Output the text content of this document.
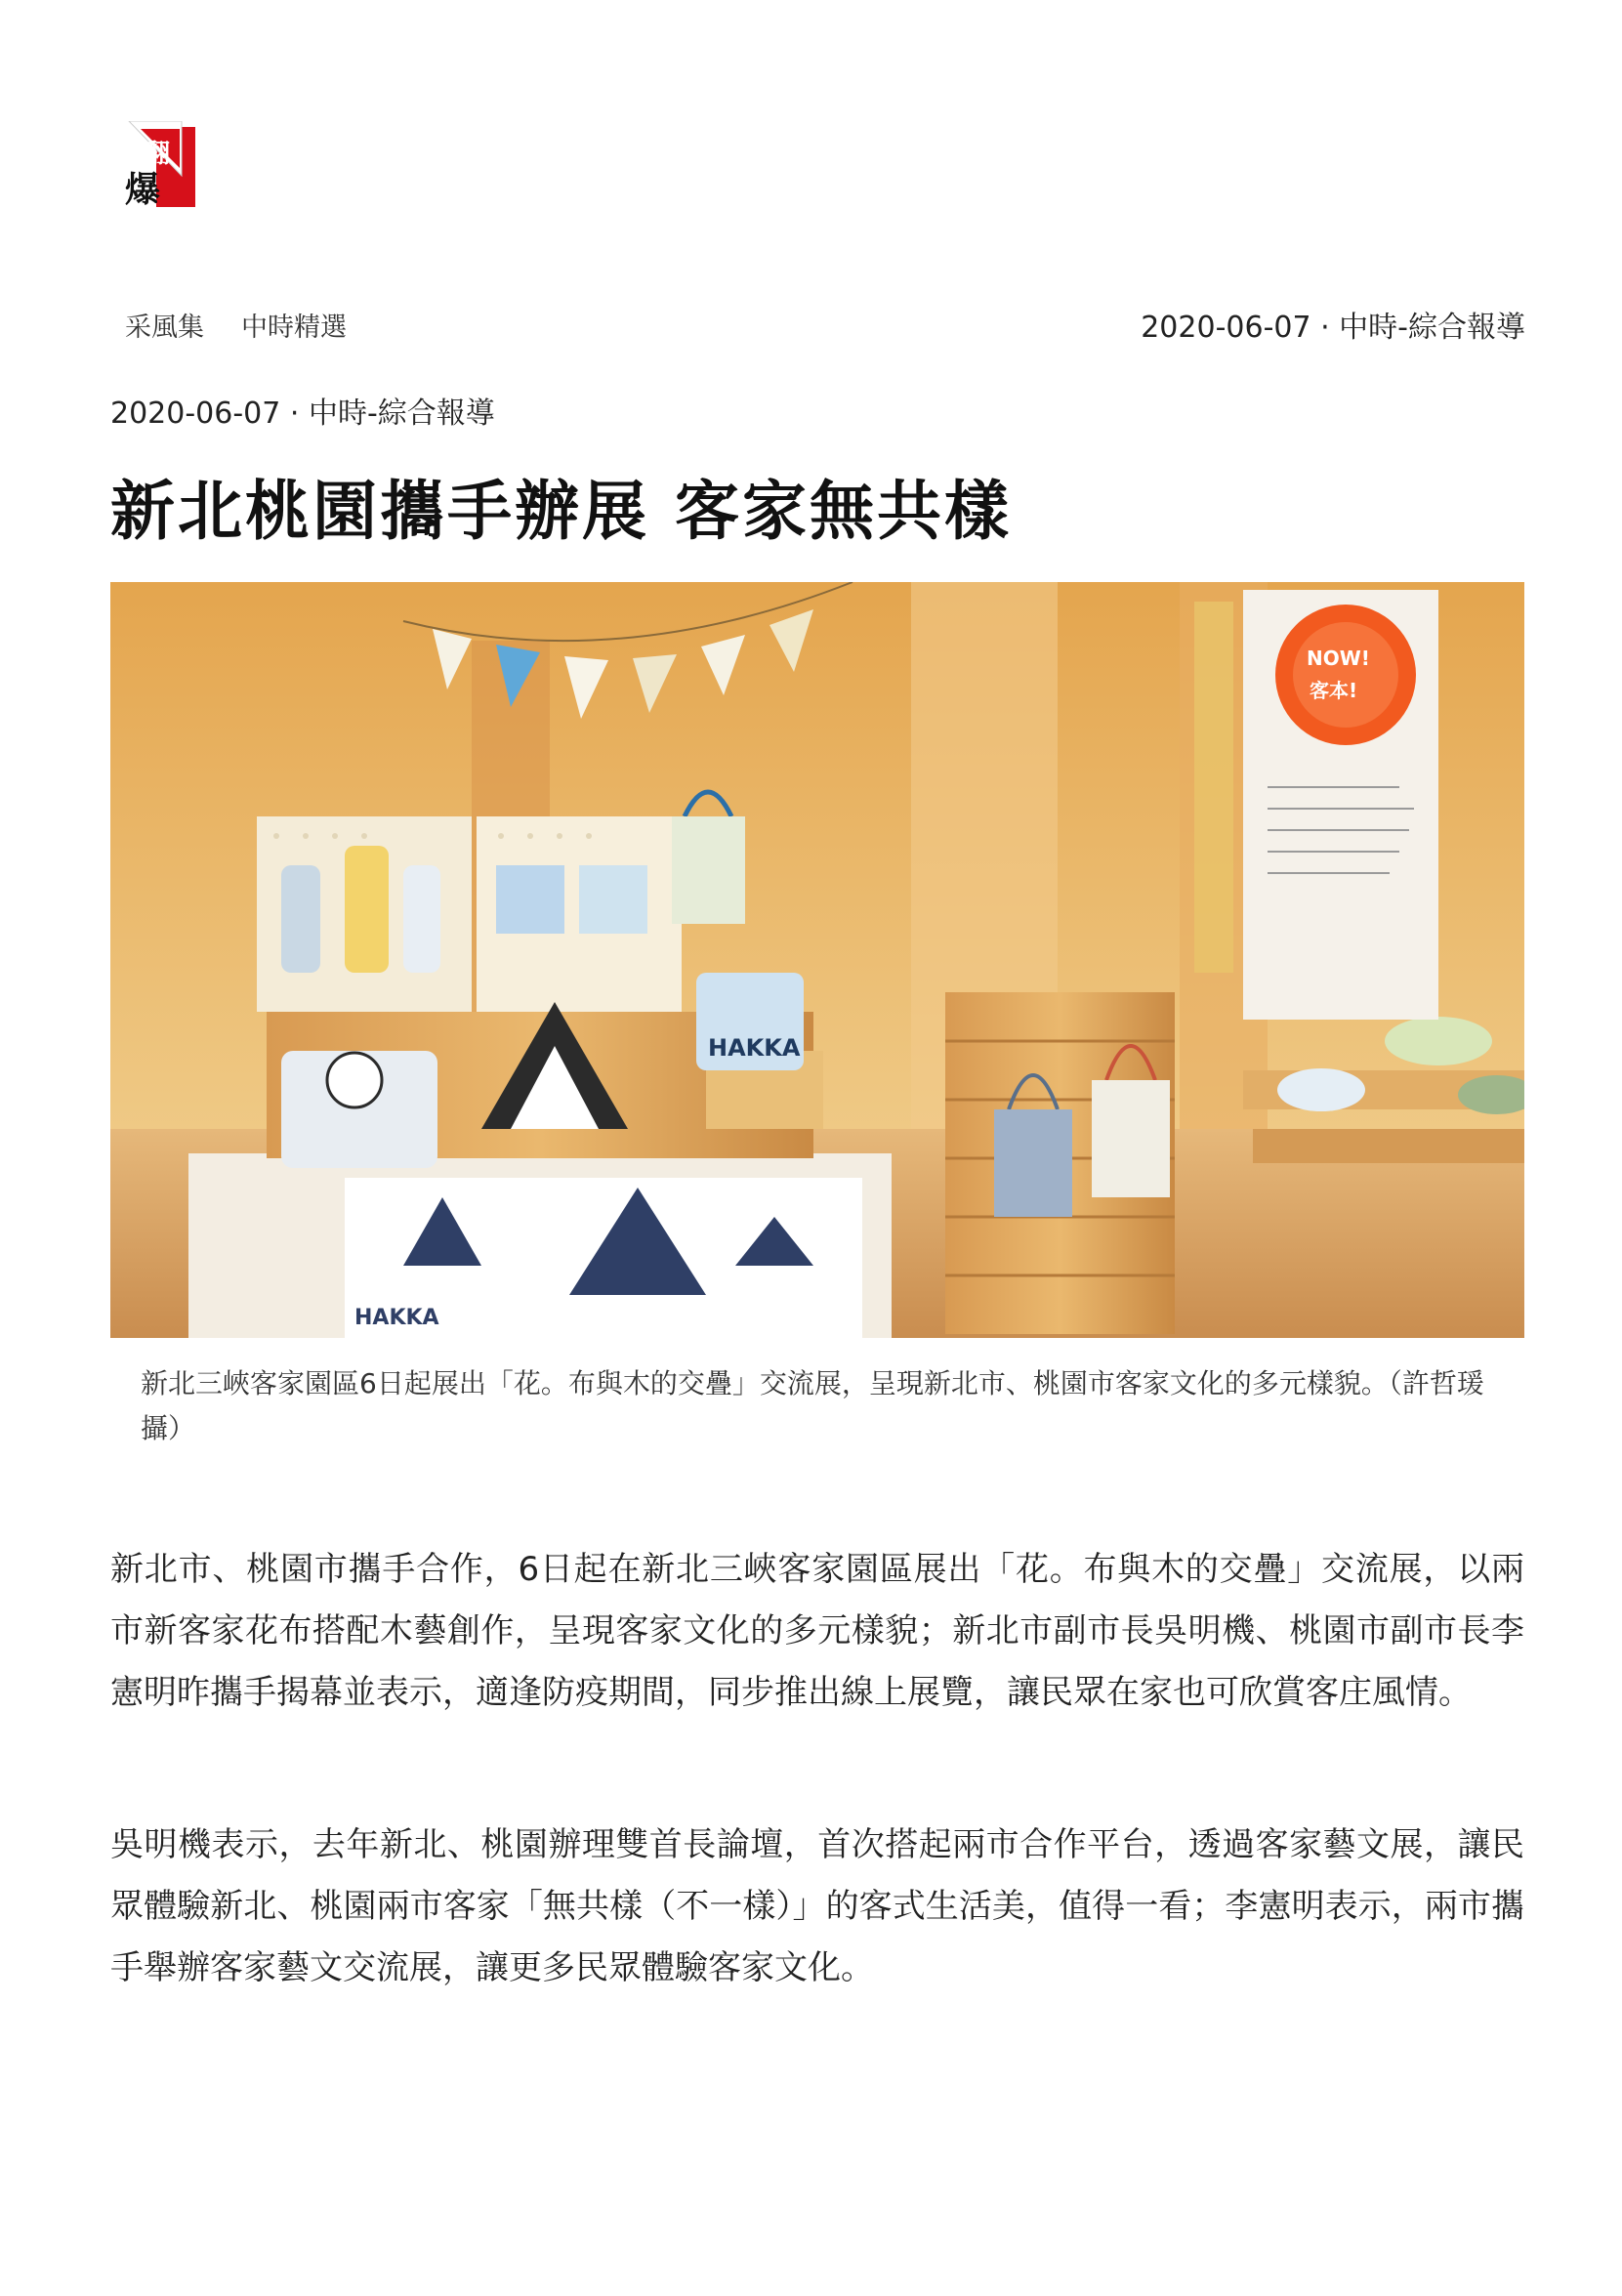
翻
爆
采風集 中時精選	2020-06-07 · 中時-綜合報導
2020-06-07 · 中時-綜合報導
新北桃園攜手辦展 客家無共樣
HAKKA
HAKKA
NOW!
客本!
新北三峽客家園區6日起展出「花。布與木的交疊」交流展，呈現新北市、桃園市客家文化的多元樣貌。（許哲瑗攝）

新北市、桃園市攜手合作，6日起在新北三峽客家園區展出「花。布與木的交疊」交流展，以兩市新客家花布搭配木藝創作，呈現客家文化的多元樣貌；新北市副市長吳明機、桃園市副市長李憲明昨攜手揭幕並表示，適逢防疫期間，同步推出線上展覽，讓民眾在家也可欣賞客庄風情。

吳明機表示，去年新北、桃園辦理雙首長論壇，首次搭起兩市合作平台，透過客家藝文展，讓民眾體驗新北、桃園兩市客家「無共樣（不一樣）」的客式生活美，值得一看；李憲明表示，兩市攜手舉辦客家藝文交流展，讓更多民眾體驗客家文化。
